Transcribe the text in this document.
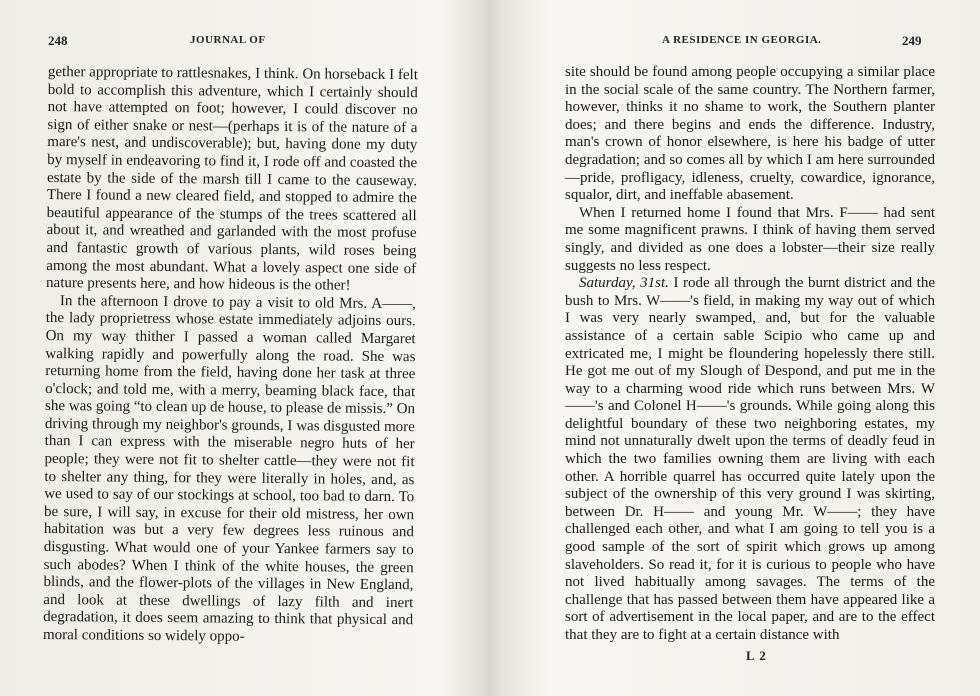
248	JOURNAL OF

gether appropriate to rattlesnakes, I think. On horseback I felt bold to accomplish this adventure, which I certainly should not have attempted on foot; however, I could discover no sign of either snake or nest—(perhaps it is of the nature of a mare's nest, and undiscoverable); but, having done my duty by myself in endeavoring to find it, I rode off and coasted the estate by the side of the marsh till I came to the causeway. There I found a new cleared field, and stopped to admire the beautiful appearance of the stumps of the trees scattered all about it, and wreathed and garlanded with the most profuse and fantastic growth of various plants, wild roses being among the most abundant. What a lovely aspect one side of nature presents here, and how hideous is the other!

In the afternoon I drove to pay a visit to old Mrs. A——, the lady proprietress whose estate immediately adjoins ours. On my way thither I passed a woman called Margaret walking rapidly and powerfully along the road. She was returning home from the field, having done her task at three o'clock; and told me, with a merry, beaming black face, that she was going “to clean up de house, to please de missis.” On driving through my neighbor's grounds, I was disgusted more than I can express with the miserable negro huts of her people; they were not fit to shelter cattle—they were not fit to shelter any thing, for they were literally in holes, and, as we used to say of our stockings at school, too bad to darn. To be sure, I will say, in excuse for their old mistress, her own habitation was but a very few degrees less ruinous and disgusting. What would one of your Yankee farmers say to such abodes? When I think of the white houses, the green blinds, and the flower-plots of the villages in New England, and look at these dwellings of lazy filth and inert degradation, it does seem amazing to think that physical and moral conditions so widely oppo-

A RESIDENCE IN GEORGIA.	249

site should be found among people occupying a similar place in the social scale of the same country. The Northern farmer, however, thinks it no shame to work, the Southern planter does; and there begins and ends the difference. Industry, man's crown of honor elsewhere, is here his badge of utter degradation; and so comes all by which I am here surrounded—pride, profligacy, idleness, cruelty, cowardice, ignorance, squalor, dirt, and ineffable abasement.

When I returned home I found that Mrs. F—— had sent me some magnificent prawns. I think of having them served singly, and divided as one does a lobster—their size really suggests no less respect.

Saturday, 31st. I rode all through the burnt district and the bush to Mrs. W——'s field, in making my way out of which I was very nearly swamped, and, but for the valuable assistance of a certain sable Scipio who came up and extricated me, I might be floundering hopelessly there still. He got me out of my Slough of Despond, and put me in the way to a charming wood ride which runs between Mrs. W——'s and Colonel H——'s grounds. While going along this delightful boundary of these two neighboring estates, my mind not unnaturally dwelt upon the terms of deadly feud in which the two families owning them are living with each other. A horrible quarrel has occurred quite lately upon the subject of the ownership of this very ground I was skirting, between Dr. H—— and young Mr. W——; they have challenged each other, and what I am going to tell you is a good sample of the sort of spirit which grows up among slaveholders. So read it, for it is curious to people who have not lived habitually among savages. The terms of the challenge that has passed between them have appeared like a sort of advertisement in the local paper, and are to the effect that they are to fight at a certain distance with

L 2
